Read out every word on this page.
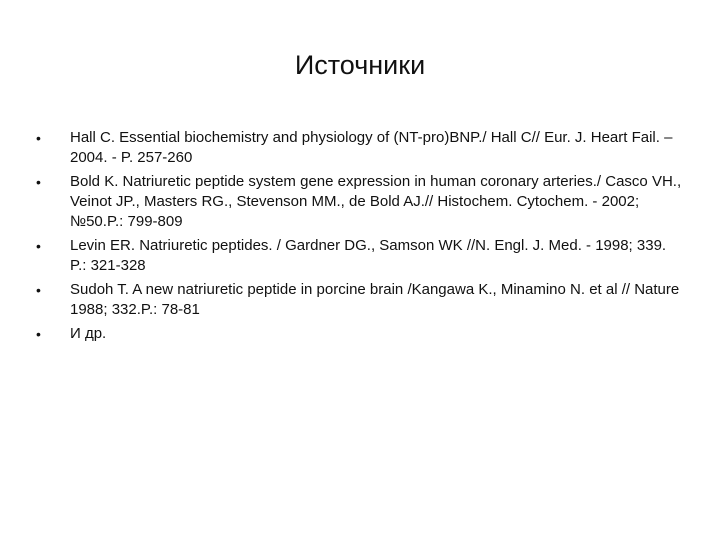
Источники
•	Hall C. Essential biochemistry and physiology of (NT-pro)BNP./ Hall C// Eur. J. Heart Fail. – 2004. - P. 257-260
•	Bold K. Natriuretic peptide system gene expression in human coronary arteries./ Casco VH., Veinot JP., Masters RG., Stevenson MM., de Bold AJ.// Histochem. Cytochem. - 2002; №50.P.: 799-809
•	Levin ER. Natriuretic peptides. / Gardner DG., Samson WK //N. Engl. J. Med. - 1998; 339. P.: 321-328
•	Sudoh T. A new natriuretic peptide in porcine brain /Kangawa K., Minamino N. et al // Nature 1988; 332.P.: 78-81
•	И др.
